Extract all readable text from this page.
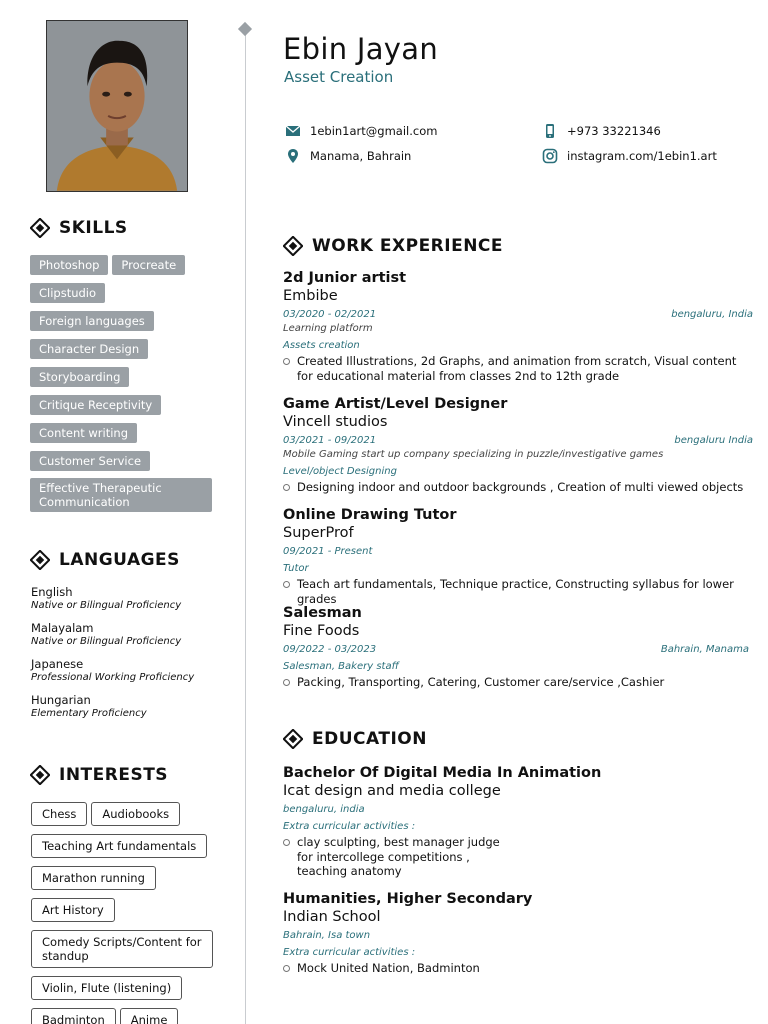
SKILLS
Photoshop Procreate
Clipstudio
Foreign languages
Character Design
Storyboarding
Critique Receptivity
Content writing
Customer Service
Effective Therapeutic Communication
LANGUAGES
English
Native or Bilingual Proficiency
Malayalam
Native or Bilingual Proficiency
Japanese
Professional Working Proficiency
Hungarian
Elementary Proficiency
INTERESTS
Chess Audiobooks
Teaching Art fundamentals
Marathon running
Art History
Comedy Scripts/Content for standup
Violin, Flute (listening)
Badminton Anime
Ebin Jayan
Asset Creation
1ebin1art@gmail.com	+973 33221346
Manama, Bahrain	instagram.com/1ebin1.art
WORK EXPERIENCE
2d Junior artist
Embibe
03/2020 - 02/2021	bengaluru, India
Learning platform
Assets creation
Created Illustrations, 2d Graphs, and animation from scratch, Visual content for educational material from classes 2nd to 12th grade
Game Artist/Level Designer
Vincell studios
03/2021 - 09/2021	bengaluru India
Mobile Gaming start up company specializing in puzzle/investigative games
Level/object Designing
Designing indoor and outdoor backgrounds , Creation of multi viewed objects
Online Drawing Tutor
SuperProf
09/2021 - Present
Tutor
Teach art fundamentals, Technique practice, Constructing syllabus for lower grades
Salesman
Fine Foods
09/2022 - 03/2023	Bahrain, Manama
Salesman, Bakery staff
Packing, Transporting, Catering, Customer care/service ,Cashier
EDUCATION
Bachelor Of Digital Media In Animation
Icat design and media college
bengaluru, india
Extra curricular activities :
clay sculpting, best manager judge for intercollege competitions , teaching anatomy
Humanities, Higher Secondary
Indian School
Bahrain, Isa town
Extra curricular activities :
Mock United Nation, Badminton
